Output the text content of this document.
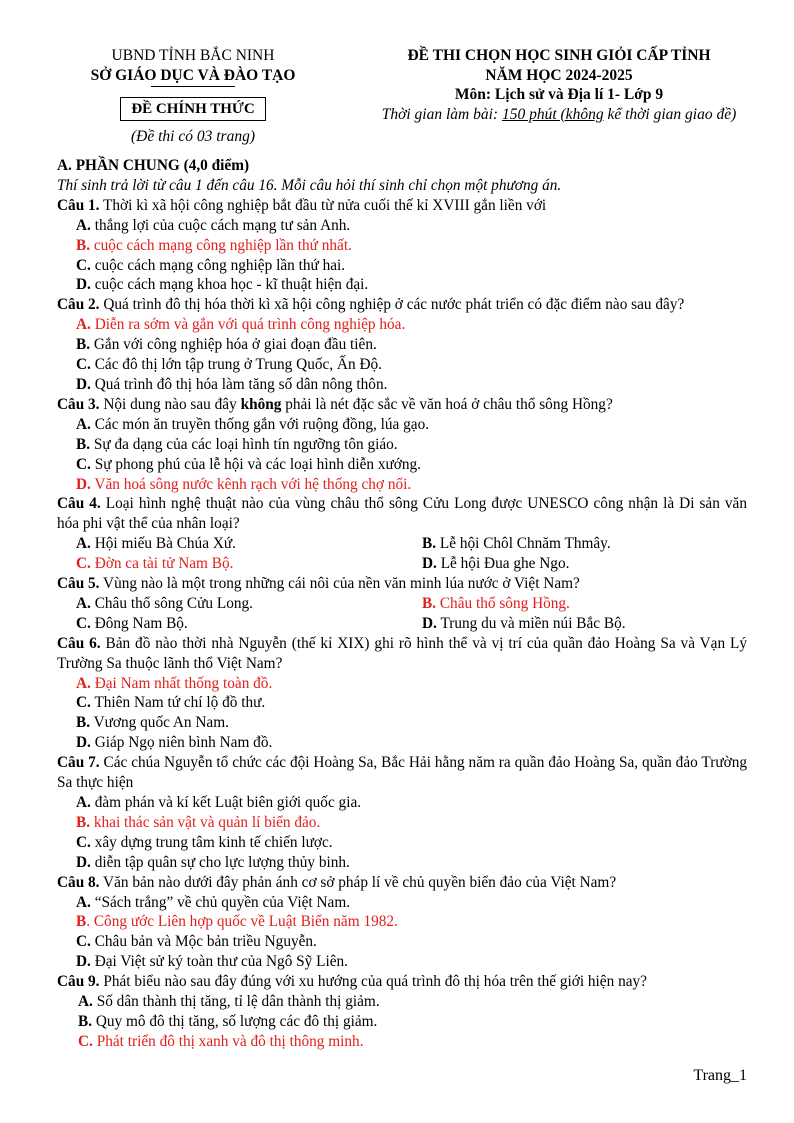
UBND TỈNH BẮC NINH
SỞ GIÁO DỤC VÀ ĐÀO TẠO
ĐỀ CHÍNH THỨC
(Đề thi có 03 trang)
ĐỀ THI CHỌN HỌC SINH GIỎI CẤP TỈNH
NĂM HỌC 2024-2025
Môn: Lịch sử và Địa lí 1- Lớp 9
Thời gian làm bài: 150 phút (không kể thời gian giao đề)
A. PHẦN CHUNG (4,0 điểm)
Thí sinh trả lời từ câu 1 đến câu 16. Mỗi câu hỏi thí sinh chỉ chọn một phương án.
Câu 1. Thời kì xã hội công nghiệp bắt đầu từ nửa cuối thế kỉ XVIII gắn liền với
A. thắng lợi của cuộc cách mạng tư sản Anh.
B. cuộc cách mạng công nghiệp lần thứ nhất.
C. cuộc cách mạng công nghiệp lần thứ hai.
D. cuộc cách mạng khoa học - kĩ thuật hiện đại.
Câu 2. Quá trình đô thị hóa thời kì xã hội công nghiệp ở các nước phát triển có đặc điểm nào sau đây?
A. Diễn ra sớm và gắn với quá trình công nghiệp hóa.
B. Gắn với công nghiệp hóa ở giai đoạn đầu tiên.
C. Các đô thị lớn tập trung ở Trung Quốc, Ấn Độ.
D. Quá trình đô thị hóa làm tăng số dân nông thôn.
Câu 3. Nội dung nào sau đây không phải là nét đặc sắc về văn hoá ở châu thổ sông Hồng?
A. Các món ăn truyền thống gắn với ruộng đồng, lúa gạo.
B. Sự đa dạng của các loại hình tín ngưỡng tôn giáo.
C. Sự phong phú của lễ hội và các loại hình diễn xướng.
D. Văn hoá sông nước kênh rạch với hệ thống chợ nổi.
Câu 4. Loại hình nghệ thuật nào của vùng châu thổ sông Cửu Long được UNESCO công nhận là Di sản văn hóa phi vật thể của nhân loại?
A. Hội miếu Bà Chúa Xứ.	B. Lễ hội Chôl Chnăm Thmây.
C. Đờn ca tài tử Nam Bộ.	D. Lễ hội Đua ghe Ngo.
Câu 5. Vùng nào là một trong những cái nôi của nền văn minh lúa nước ở Việt Nam?
A. Châu thổ sông Cửu Long.	B. Châu thổ sông Hồng.
C. Đông Nam Bộ.	D. Trung du và miền núi Bắc Bộ.
Câu 6. Bản đồ nào thời nhà Nguyễn (thế kỉ XIX) ghi rõ hình thể và vị trí của quần đảo Hoàng Sa và Vạn Lý Trường Sa thuộc lãnh thổ Việt Nam?
A. Đại Nam nhất thống toàn đồ.
C. Thiên Nam tứ chí lộ đồ thư.
B. Vương quốc An Nam.
D. Giáp Ngọ niên bình Nam đồ.
Câu 7. Các chúa Nguyễn tổ chức các đội Hoàng Sa, Bắc Hải hằng năm ra quần đảo Hoàng Sa, quần đảo Trường Sa thực hiện
A. đàm phán và kí kết Luật biên giới quốc gia.
B. khai thác sản vật và quản lí biển đảo.
C. xây dựng trung tâm kinh tế chiến lược.
D. diễn tập quân sự cho lực lượng thủy binh.
Câu 8. Văn bản nào dưới đây phản ánh cơ sở pháp lí về chủ quyền biển đảo của Việt Nam?
A. “Sách trắng” về chủ quyền của Việt Nam.
B. Công ước Liên hợp quốc về Luật Biển năm 1982.
C. Châu bản và Mộc bản triều Nguyễn.
D. Đại Việt sử ký toàn thư của Ngô Sỹ Liên.
Câu 9. Phát biểu nào sau đây đúng với xu hướng của quá trình đô thị hóa trên thế giới hiện nay?
A. Số dân thành thị tăng, tỉ lệ dân thành thị giảm.
B. Quy mô đô thị tăng, số lượng các đô thị giảm.
C. Phát triển đô thị xanh và đô thị thông minh.
Trang_1
